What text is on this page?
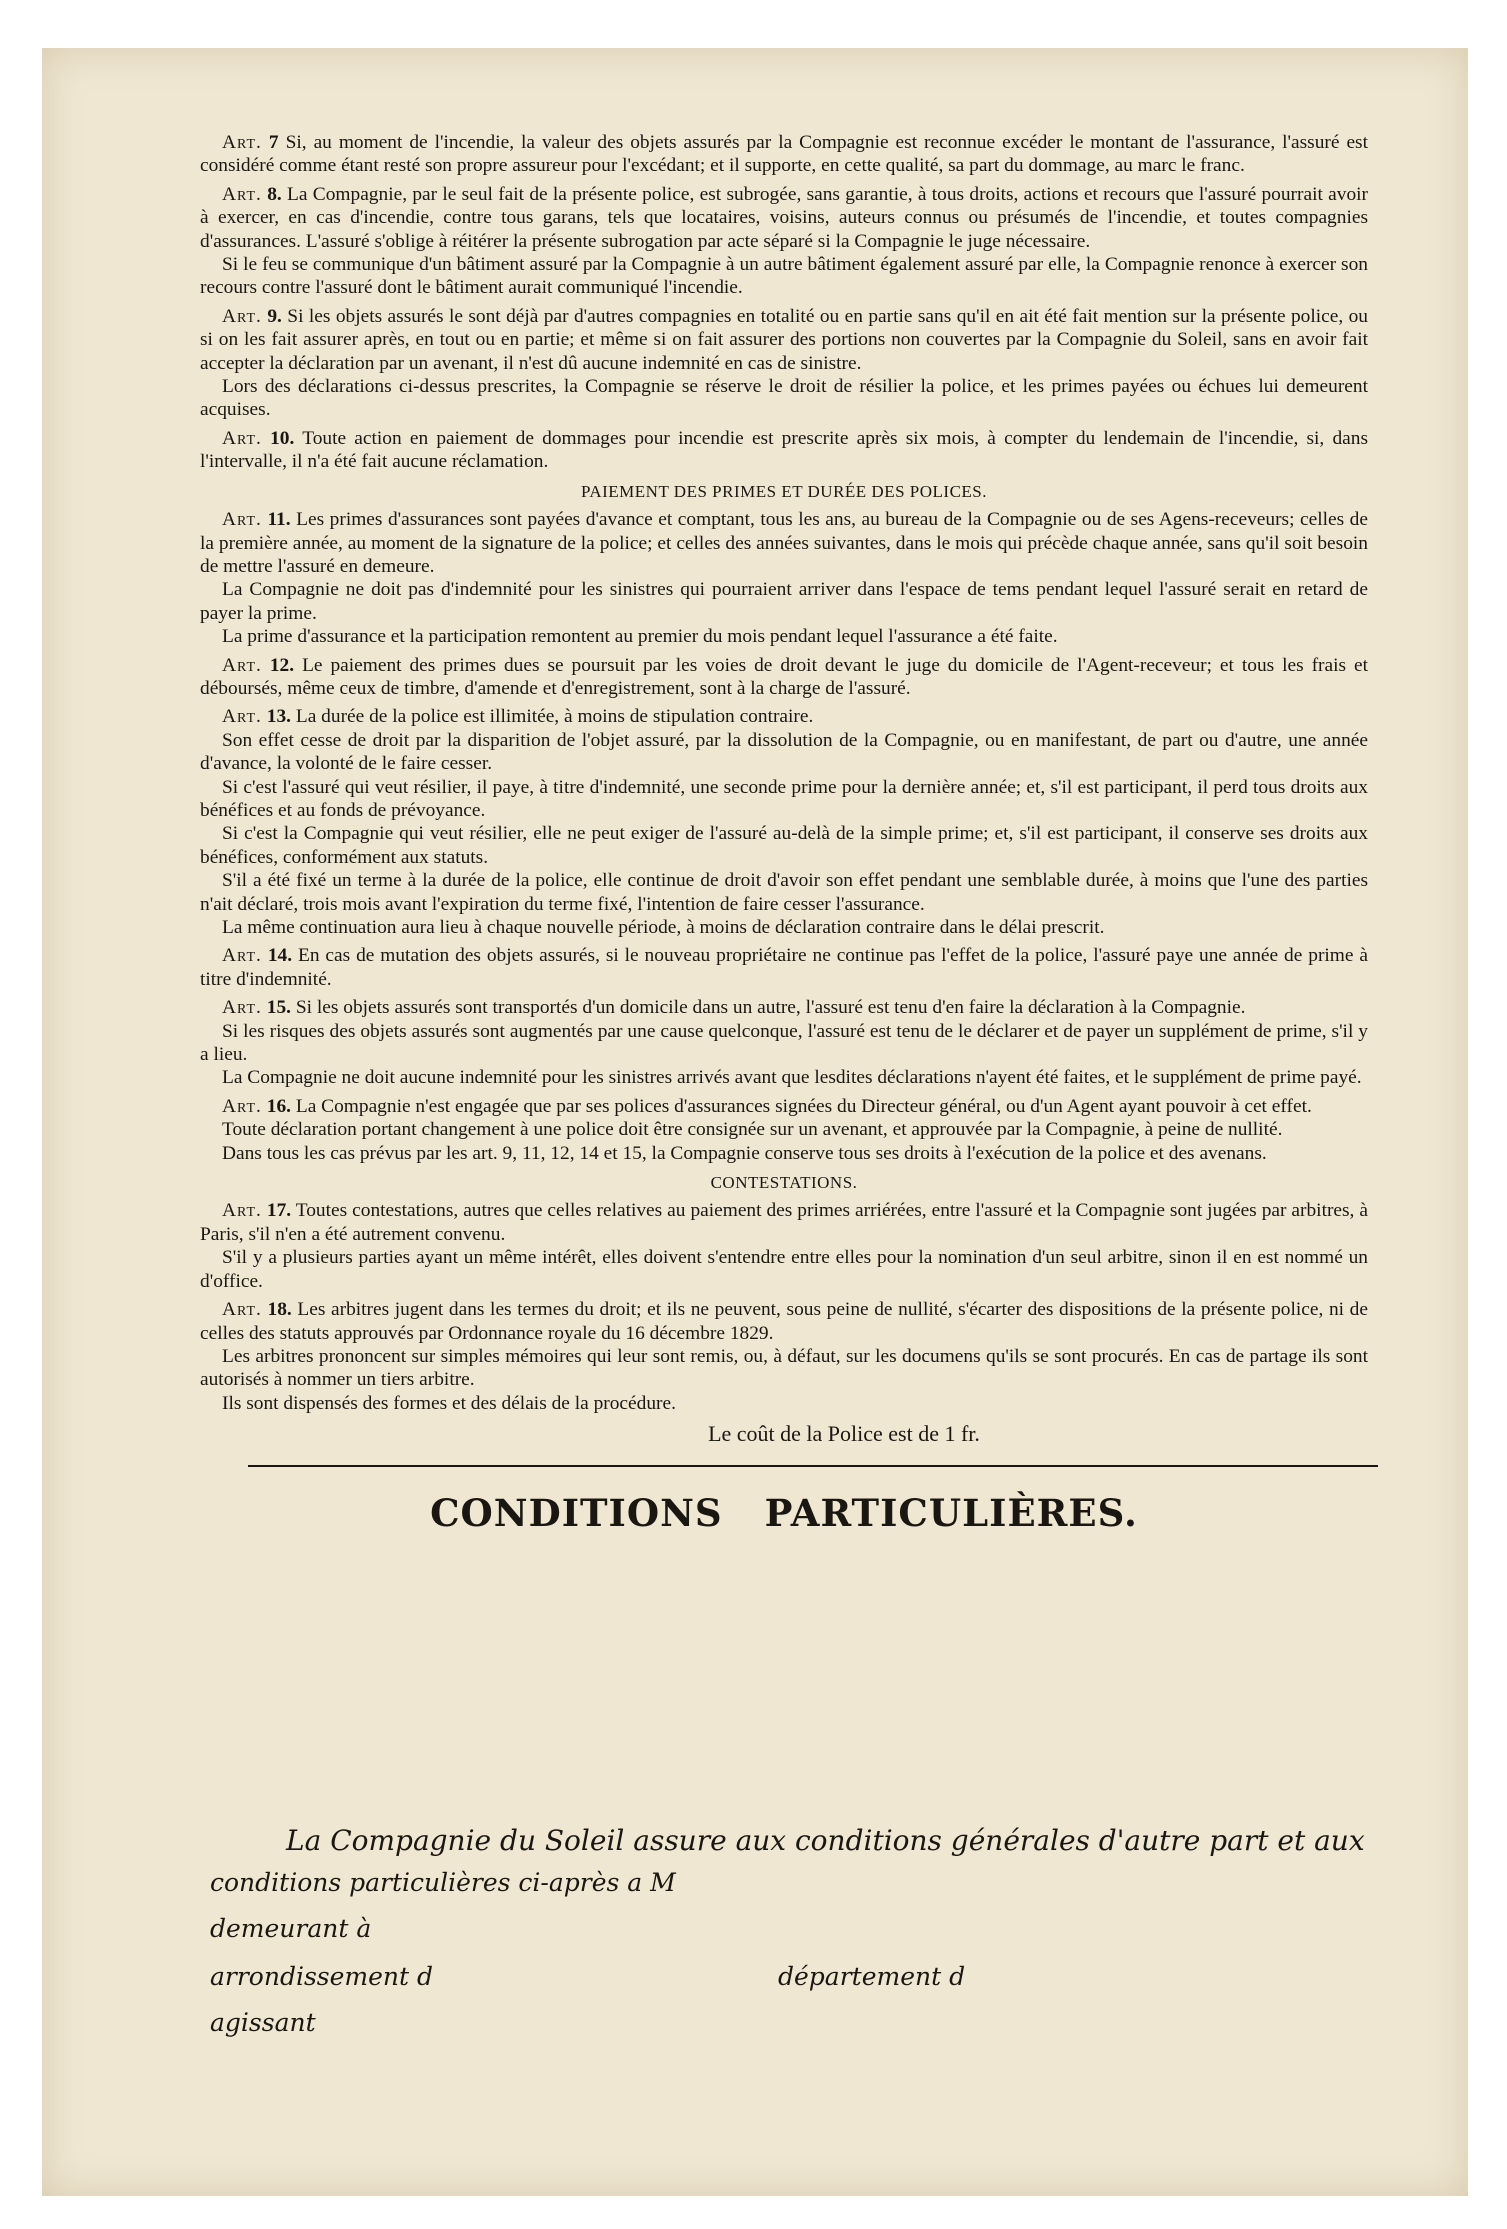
Art. 7 Si, au moment de l'incendie, la valeur des objets assurés par la Compagnie est reconnue excéder le montant de l'assurance, l'assuré est considéré comme étant resté son propre assureur pour l'excédant; et il supporte, en cette qualité, sa part du dommage, au marc le franc.

Art. 8. La Compagnie, par le seul fait de la présente police, est subrogée, sans garantie, à tous droits, actions et recours que l'assuré pourrait avoir à exercer, en cas d'incendie, contre tous garans, tels que locataires, voisins, auteurs connus ou présumés de l'incendie, et toutes compagnies d'assurances. L'assuré s'oblige à réitérer la présente subrogation par acte séparé si la Compagnie le juge nécessaire.

Si le feu se communique d'un bâtiment assuré par la Compagnie à un autre bâtiment également assuré par elle, la Compagnie renonce à exercer son recours contre l'assuré dont le bâtiment aurait communiqué l'incendie.

Art. 9. Si les objets assurés le sont déjà par d'autres compagnies en totalité ou en partie sans qu'il en ait été fait mention sur la présente police, ou si on les fait assurer après, en tout ou en partie; et même si on fait assurer des portions non couvertes par la Compagnie du Soleil, sans en avoir fait accepter la déclaration par un avenant, il n'est dû aucune indemnité en cas de sinistre.

Lors des déclarations ci-dessus prescrites, la Compagnie se réserve le droit de résilier la police, et les primes payées ou échues lui demeurent acquises.

Art. 10. Toute action en paiement de dommages pour incendie est prescrite après six mois, à compter du lendemain de l'incendie, si, dans l'intervalle, il n'a été fait aucune réclamation.

PAIEMENT DES PRIMES ET DURÉE DES POLICES.

Art. 11. Les primes d'assurances sont payées d'avance et comptant, tous les ans, au bureau de la Compagnie ou de ses Agens-receveurs; celles de la première année, au moment de la signature de la police; et celles des années suivantes, dans le mois qui précède chaque année, sans qu'il soit besoin de mettre l'assuré en demeure.

La Compagnie ne doit pas d'indemnité pour les sinistres qui pourraient arriver dans l'espace de tems pendant lequel l'assuré serait en retard de payer la prime.

La prime d'assurance et la participation remontent au premier du mois pendant lequel l'assurance a été faite.

Art. 12. Le paiement des primes dues se poursuit par les voies de droit devant le juge du domicile de l'Agent-receveur; et tous les frais et déboursés, même ceux de timbre, d'amende et d'enregistrement, sont à la charge de l'assuré.

Art. 13. La durée de la police est illimitée, à moins de stipulation contraire.

Son effet cesse de droit par la disparition de l'objet assuré, par la dissolution de la Compagnie, ou en manifestant, de part ou d'autre, une année d'avance, la volonté de le faire cesser.

Si c'est l'assuré qui veut résilier, il paye, à titre d'indemnité, une seconde prime pour la dernière année; et, s'il est participant, il perd tous droits aux bénéfices et au fonds de prévoyance.

Si c'est la Compagnie qui veut résilier, elle ne peut exiger de l'assuré au-delà de la simple prime; et, s'il est participant, il conserve ses droits aux bénéfices, conformément aux statuts.

S'il a été fixé un terme à la durée de la police, elle continue de droit d'avoir son effet pendant une semblable durée, à moins que l'une des parties n'ait déclaré, trois mois avant l'expiration du terme fixé, l'intention de faire cesser l'assurance.

La même continuation aura lieu à chaque nouvelle période, à moins de déclaration contraire dans le délai prescrit.

Art. 14. En cas de mutation des objets assurés, si le nouveau propriétaire ne continue pas l'effet de la police, l'assuré paye une année de prime à titre d'indemnité.

Art. 15. Si les objets assurés sont transportés d'un domicile dans un autre, l'assuré est tenu d'en faire la déclaration à la Compagnie.

Si les risques des objets assurés sont augmentés par une cause quelconque, l'assuré est tenu de le déclarer et de payer un supplément de prime, s'il y a lieu.

La Compagnie ne doit aucune indemnité pour les sinistres arrivés avant que lesdites déclarations n'ayent été faites, et le supplément de prime payé.

Art. 16. La Compagnie n'est engagée que par ses polices d'assurances signées du Directeur général, ou d'un Agent ayant pouvoir à cet effet.

Toute déclaration portant changement à une police doit être consignée sur un avenant, et approuvée par la Compagnie, à peine de nullité.

Dans tous les cas prévus par les art. 9, 11, 12, 14 et 15, la Compagnie conserve tous ses droits à l'exécution de la police et des avenans.

CONTESTATIONS.

Art. 17. Toutes contestations, autres que celles relatives au paiement des primes arriérées, entre l'assuré et la Compagnie sont jugées par arbitres, à Paris, s'il n'en a été autrement convenu.

S'il y a plusieurs parties ayant un même intérêt, elles doivent s'entendre entre elles pour la nomination d'un seul arbitre, sinon il en est nommé un d'office.

Art. 18. Les arbitres jugent dans les termes du droit; et ils ne peuvent, sous peine de nullité, s'écarter des dispositions de la présente police, ni de celles des statuts approuvés par Ordonnance royale du 16 décembre 1829.

Les arbitres prononcent sur simples mémoires qui leur sont remis, ou, à défaut, sur les documens qu'ils se sont procurés. En cas de partage ils sont autorisés à nommer un tiers arbitre.

Ils sont dispensés des formes et des délais de la procédure.

Le coût de la Police est de 1 fr.
CONDITIONS PARTICULIÈRES.
La Compagnie du Soleil assure aux conditions générales d'autre part et aux
conditions particulières ci-après a M
demeurant à
arrondissement d	département d
agissant
